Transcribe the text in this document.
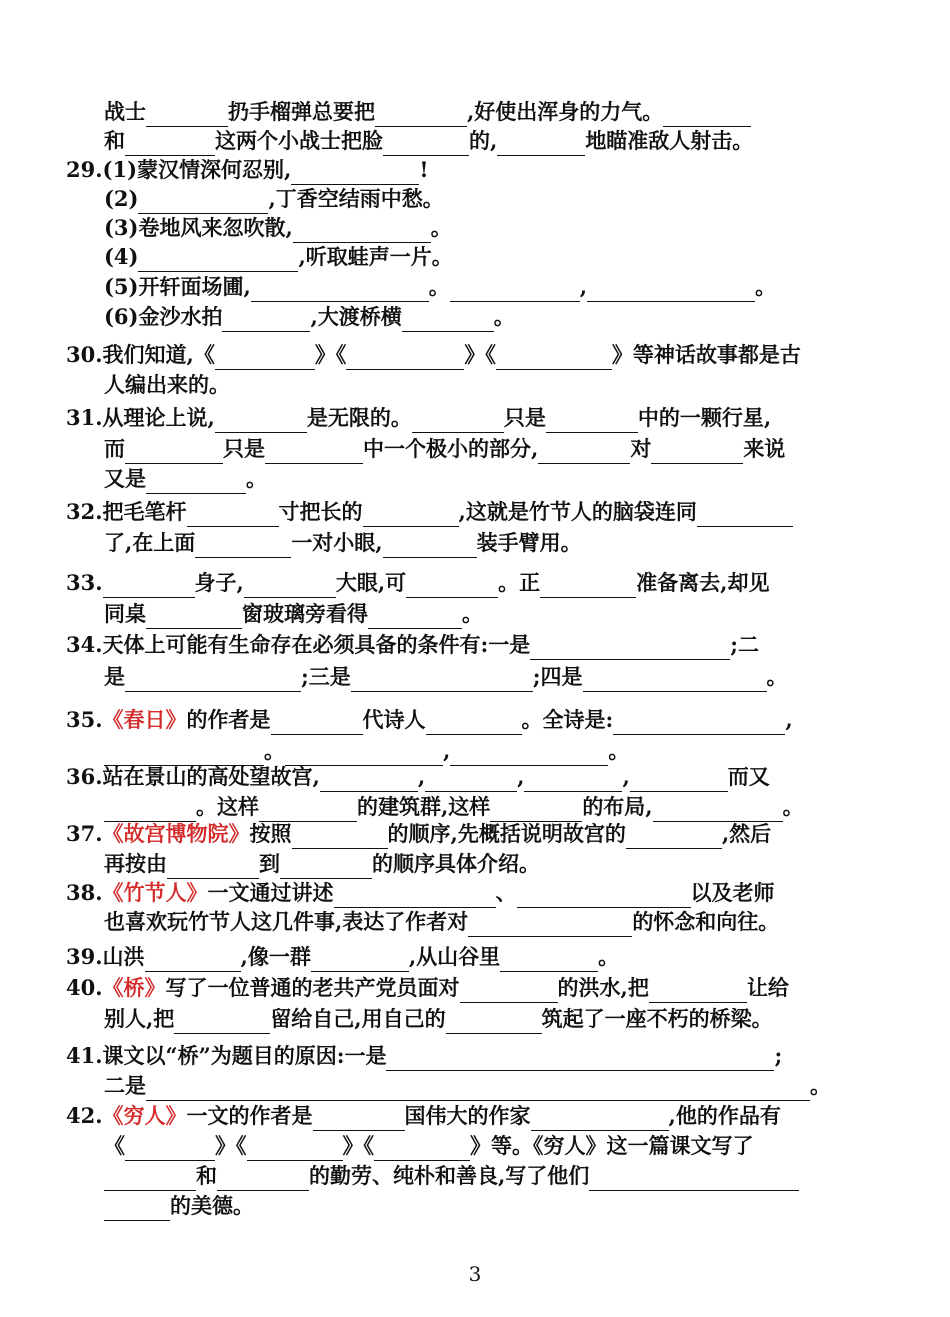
战士	扔手榴弹总要把	,好使出浑身的力气。
和	这两个小战士把脸	的,	地瞄准敌人射击。
29.(1)蒙汉情深何忍别,	!
(2)	,丁香空结雨中愁。
(3)卷地风来忽吹散,	。
(4)	,听取蛙声一片。
(5)开轩面场圃,	。	,	。
(6)金沙水拍	,大渡桥横	。
30.我们知道,《	》《	》《	》等神话故事都是古
人编出来的。
31.从理论上说,	是无限的。	只是	中的一颗行星,
而	只是	中一个极小的部分,	对	来说
又是	。
32.把毛笔杆	寸把长的	,这就是竹节人的脑袋连同
了,在上面	一对小眼,	装手臂用。
33.	身子,	大眼,可	。正	准备离去,却见
同桌	窗玻璃旁看得	。
34.天体上可能有生命存在必须具备的条件有:一是	;二
是	;三是	;四是	。
35.《春日》的作者是	代诗人	。全诗是:	,
。	,	。
36.站在景山的高处望故宫,	,	,	,	而又
。这样	的建筑群,这样	的布局,	。
37.《故宫博物院》按照	的顺序,先概括说明故宫的	,然后
再按由	到	的顺序具体介绍。
38.《竹节人》一文通过讲述	、	以及老师
也喜欢玩竹节人这几件事,表达了作者对	的怀念和向往。
39.山洪	,像一群	,从山谷里	。
40.《桥》写了一位普通的老共产党员面对	的洪水,把	让给
别人,把	留给自己,用自己的	筑起了一座不朽的桥梁。
41.课文以“桥”为题目的原因:一是	;
二是	。
42.《穷人》一文的作者是	国伟大的作家	,他的作品有
《	》《	》《	》等。《穷人》这一篇课文写了
和	的勤劳、纯朴和善良,写了他们
的美德。
3
